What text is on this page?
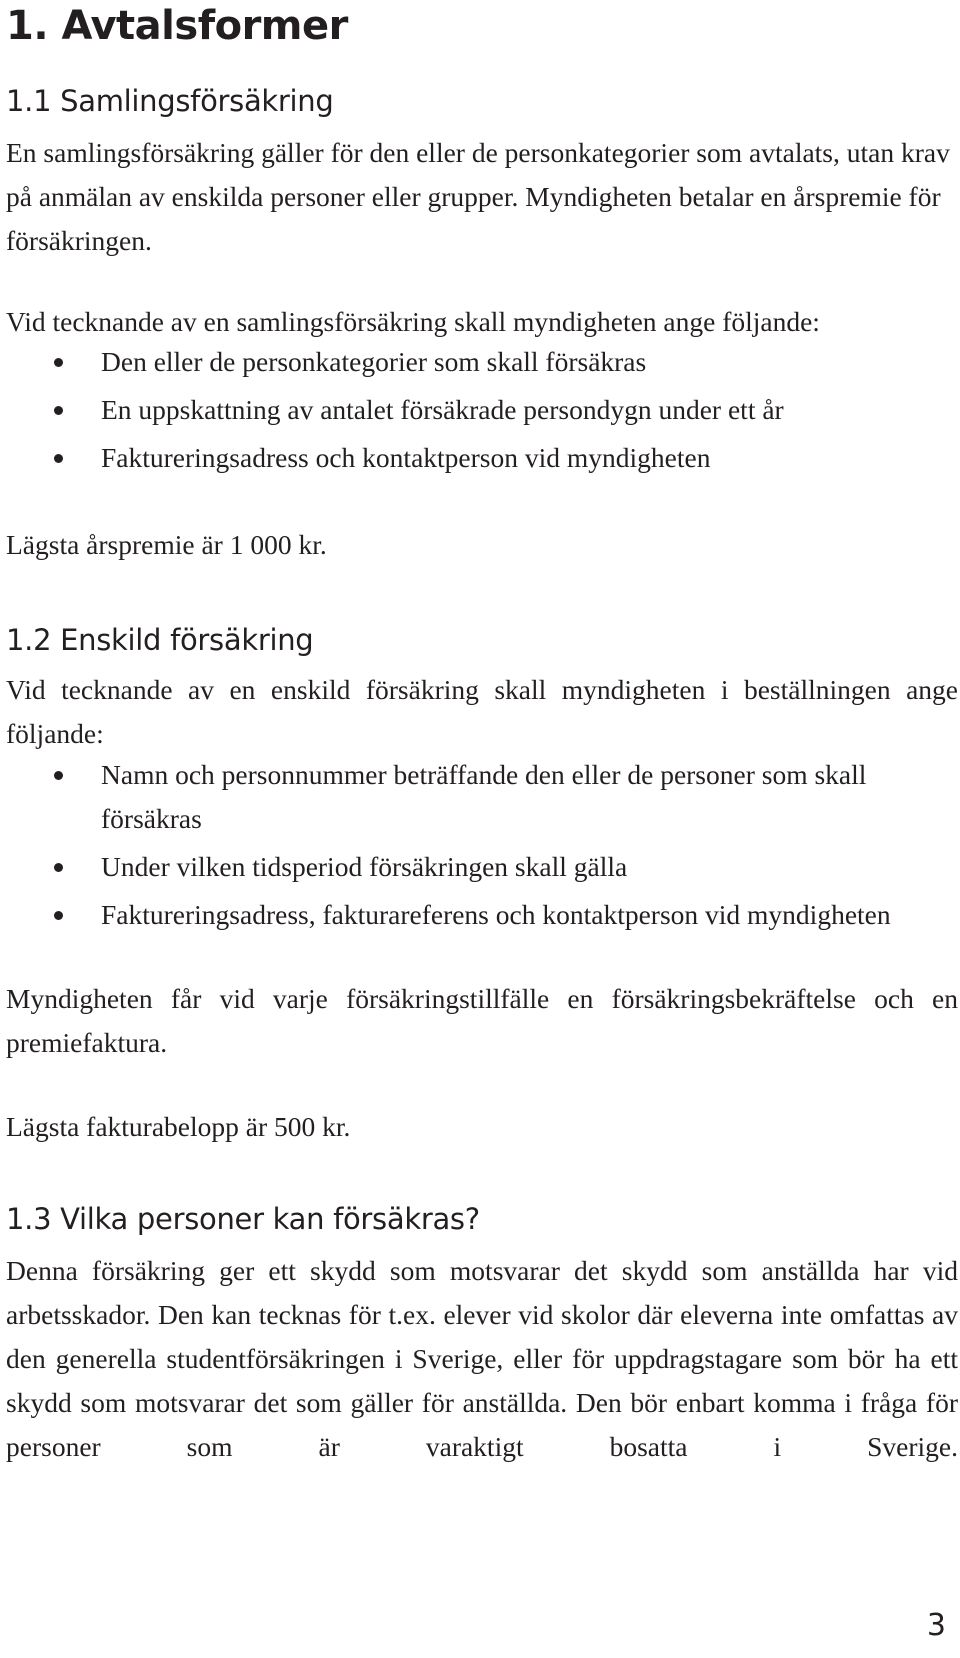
1. Avtalsformer
1.1 Samlingsförsäkring

En samlingsförsäkring gäller för den eller de personkategorier som avtalats, utan krav på anmälan av enskilda personer eller grupper. Myndigheten betalar en årspremie för försäkringen.

Vid tecknande av en samlingsförsäkring skall myndigheten ange följande:

Den eller de personkategorier som skall försäkras
En uppskattning av antalet försäkrade persondygn under ett år
Faktureringsadress och kontaktperson vid myndigheten

Lägsta årspremie är 1 000 kr.

1.2 Enskild försäkring

Vid tecknande av en enskild försäkring skall myndigheten i beställningen ange följande:

Namn och personnummer beträffande den eller de personer som skall försäkras
Under vilken tidsperiod försäkringen skall gälla
Faktureringsadress, fakturareferens och kontaktperson vid myndigheten

Myndigheten får vid varje försäkringstillfälle en försäkringsbekräftelse och en premiefaktura.

Lägsta fakturabelopp är 500 kr.

1.3 Vilka personer kan försäkras?

Denna försäkring ger ett skydd som motsvarar det skydd som anställda har vid arbetsskador. Den kan tecknas för t.ex. elever vid skolor där eleverna inte omfattas av den generella studentförsäkringen i Sverige, eller för uppdragstagare som bör ha ett skydd som motsvarar det som gäller för anställda. Den bör enbart komma i fråga för personer som är varaktigt bosatta i Sverige.

3
